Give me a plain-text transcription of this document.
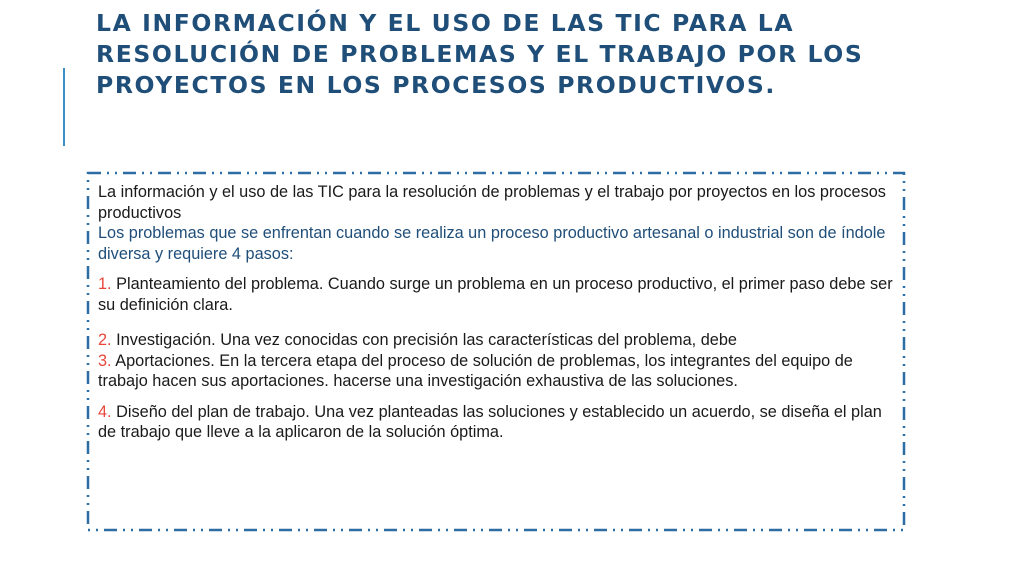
LA INFORMACIÓN Y EL USO DE LAS TIC PARA LA RESOLUCIÓN DE PROBLEMAS Y EL TRABAJO POR LOS PROYECTOS EN LOS PROCESOS PRODUCTIVOS.

La información y el uso de las TIC para la resolución de problemas y el trabajo por proyectos en los procesos productivos

Los problemas que se enfrentan cuando se realiza un proceso productivo artesanal o industrial son de índole diversa y requiere 4 pasos:

1. Planteamiento del problema. Cuando surge un problema en un proceso productivo, el primer paso debe ser su definición clara.

2. Investigación. Una vez conocidas con precisión las características del problema, debe

3. Aportaciones. En la tercera etapa del proceso de solución de problemas, los integrantes del equipo de trabajo hacen sus aportaciones. hacerse una investigación exhaustiva de las soluciones.

4. Diseño del plan de trabajo. Una vez planteadas las soluciones y establecido un acuerdo, se diseña el plan de trabajo que lleve a la aplicaron de la solución óptima.
